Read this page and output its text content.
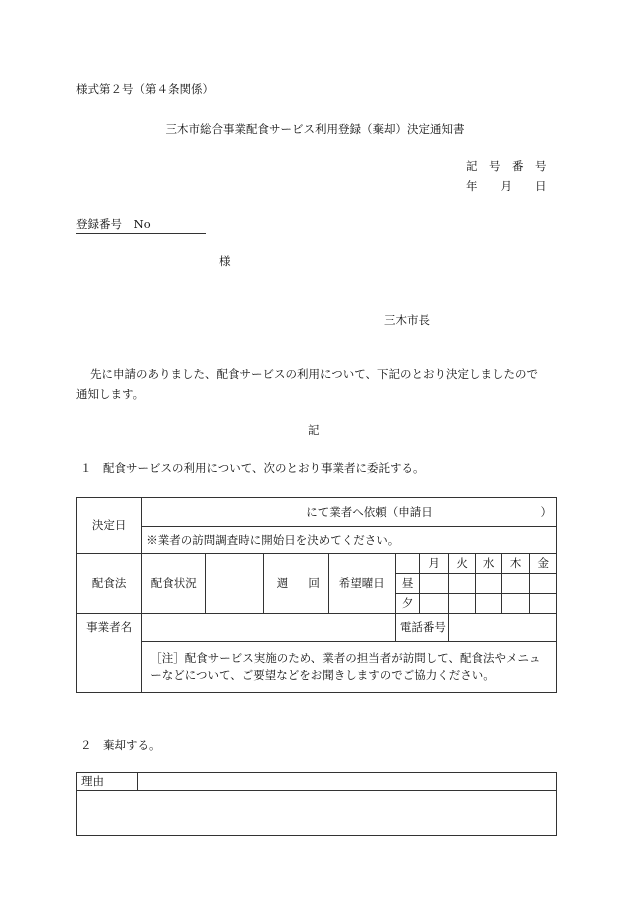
様式第２号（第４条関係）
三木市総合事業配食サービス利用登録（棄却）決定通知書
記　号　番　号
年　　月　　日
登録番号 No
様
三木市長
先に申請のありました、配食サービスの利用について、下記のとおり決定しましたので
通知します。
記
１　配食サービスの利用について、次のとおり事業者に委託する。
決定日	にて業者へ依頼（申請日 ）										

	※業者の訪問調査時に開始日を決めてください。										
配食法	配食状況		週	回	希望曜日		月	火	水	木	金
						昼					
						夕					
事業者名						電話番号					

	［注］配食サービス実施のため、業者の担当者が訪問して、配食法やメニュ
ーなどについて、ご要望などをお聞きしますのでご協力ください。										
２　棄却する。
理由	
